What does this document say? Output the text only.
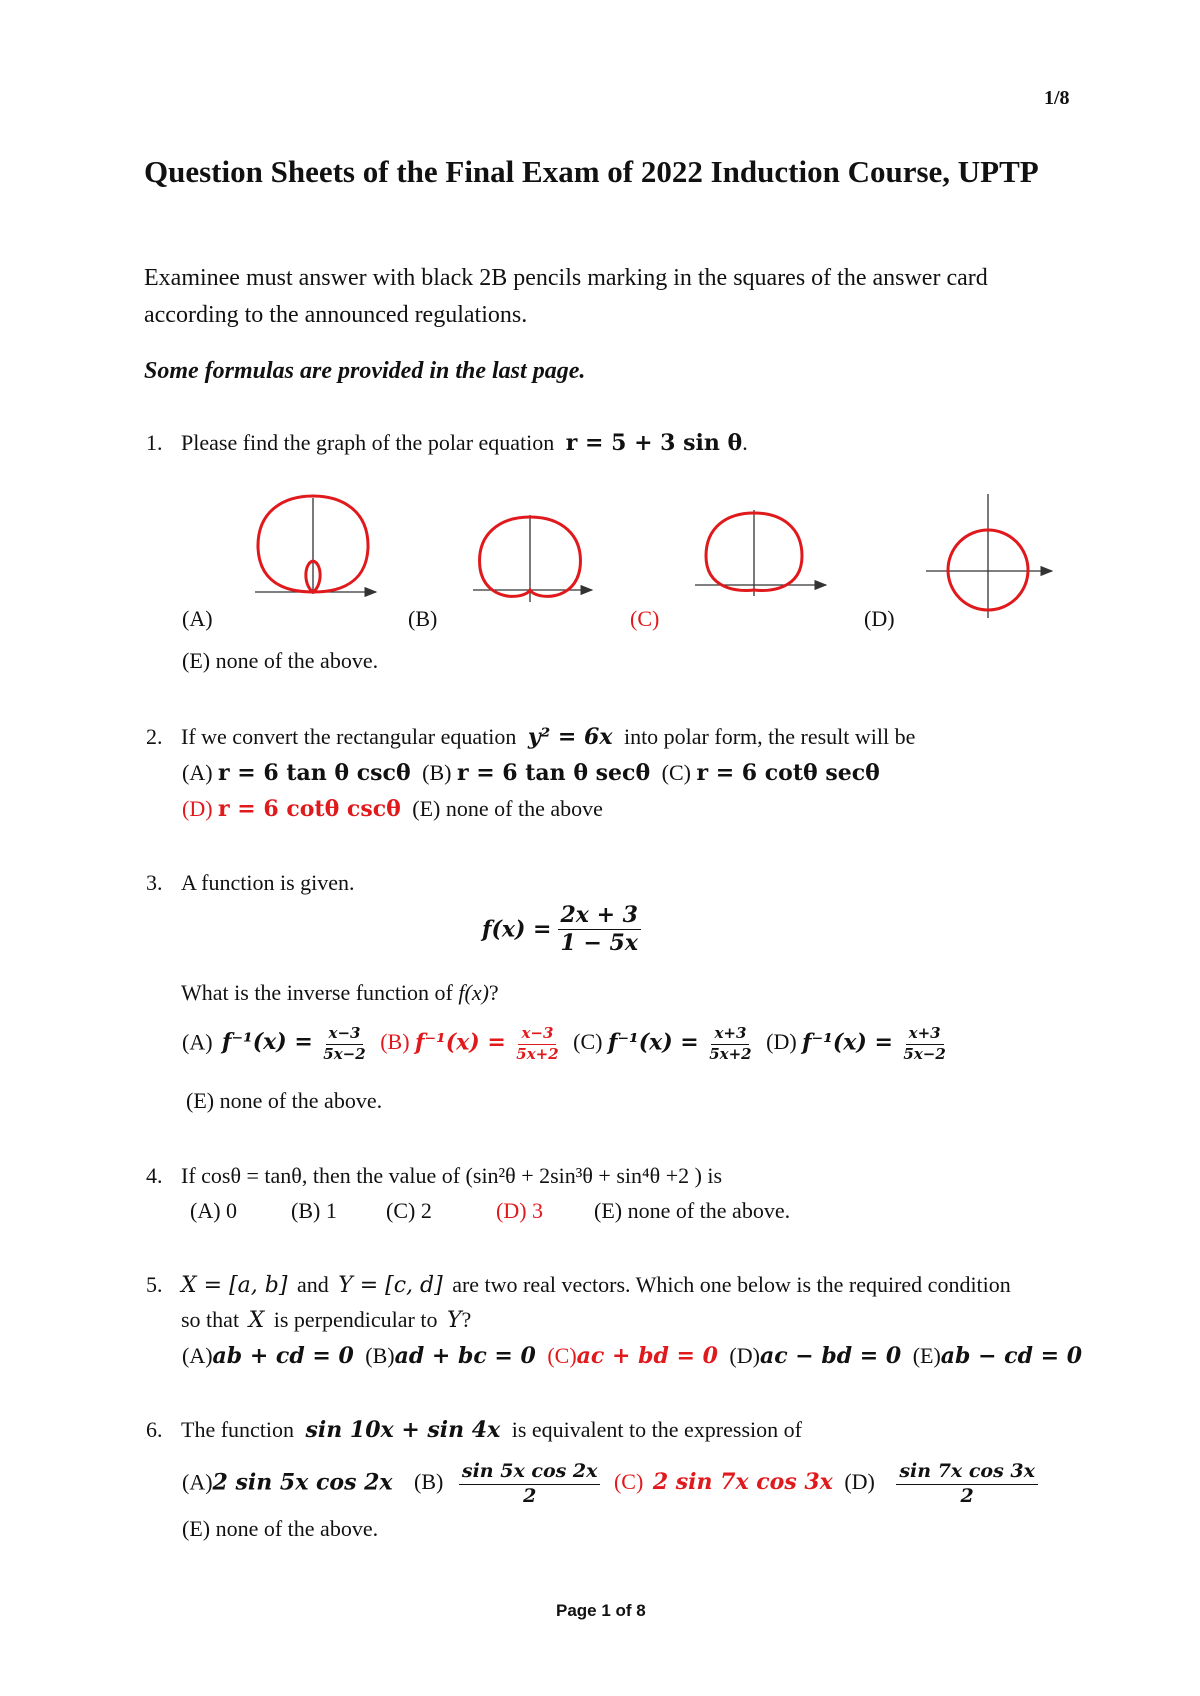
1/8
Question Sheets of the Final Exam of 2022 Induction Course, UPTP
Examinee must answer with black 2B pencils marking in the squares of the answer card
according to the announced regulations.
Some formulas are provided in the last page.
1. Please find the graph of the polar equation r = 5 + 3 sin θ.
(A)	(B)	(C)	(D)
(E) none of the above.
2. If we convert the rectangular equation y² = 6x into polar form, the result will be
(A) r = 6 tan θ cscθ (B) r = 6 tan θ secθ (C) r = 6 cotθ secθ
(D) r = 6 cotθ cscθ (E) none of the above
3. A function is given.
$f(x) = \frac{2x + 3}{1 - 5x}$
What is the inverse function of f(x)?
(A) $f^{-1}(x) = \frac{x-3}{5x-2} (B) f^{-1}(x) = \frac{x-3}{5x+2} (C) f^{-1}(x) = \frac{x+3}{5x+2} (D) f^{-1}(x) = \frac{x+3}{5x-2}$
(E) none of the above.
4. If cosθ = tanθ, then the value of (sin²θ + 2sin³θ + sin⁴θ +2 ) is
(A) 0 (B) 1 (C) 2	(D) 3 (E) none of the above.
5. X = [a, b] and Y = [c, d] are two real vectors. Which one below is the required condition
so that X is perpendicular to Y?
(A)ab + cd = 0 (B)ad + bc = 0 (C)ac + bd = 0 (D)ac − bd = 0 (E)ab − cd = 0
6. The function sin 10x + sin 4x is equivalent to the expression of
(A)2 sin 5x cos 2x $(B) \frac{\text{sin 5x cos 2x}}{2} (C)$ 2 sin 7x cos 3x $(D) \frac{\text{sin 7x cos 3x}}{2}$
(E) none of the above.
Page 1 of 8
